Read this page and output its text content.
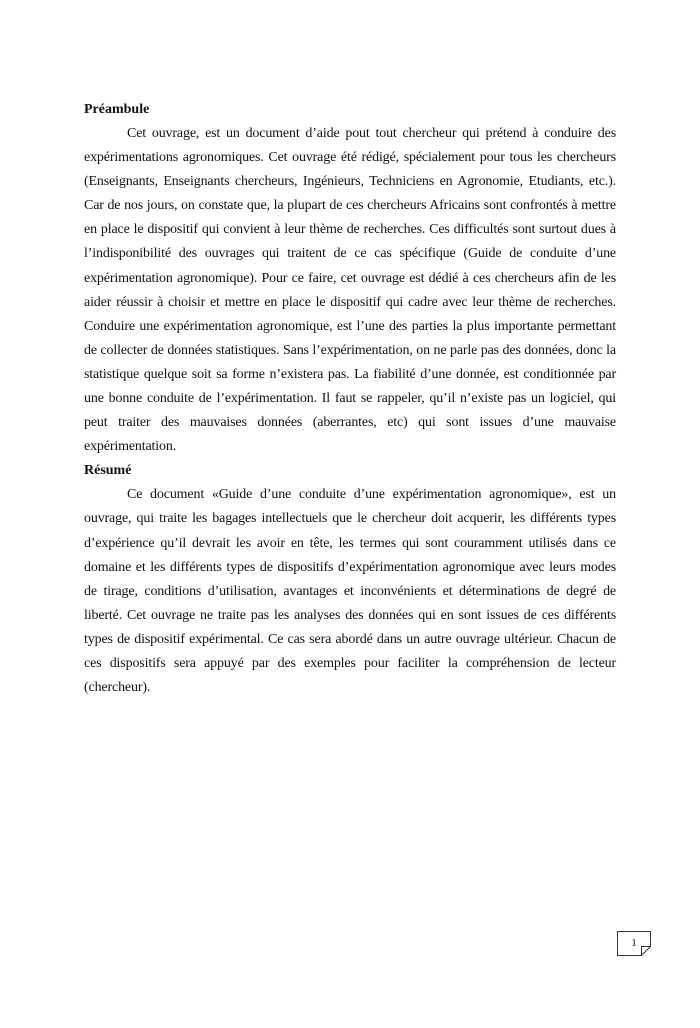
Préambule

Cet ouvrage, est un document d’aide pout tout chercheur qui prétend à conduire des expérimentations agronomiques. Cet ouvrage été rédigé, spécialement pour tous les chercheurs (Enseignants, Enseignants chercheurs, Ingénieurs, Techniciens en Agronomie, Etudiants, etc.). Car de nos jours, on constate que, la plupart de ces chercheurs Africains sont confrontés à mettre en place le dispositif qui convient à leur thème de recherches. Ces difficultés sont surtout dues à l’indisponibilité des ouvrages qui traitent de ce cas spécifique (Guide de conduite d’une expérimentation agronomique). Pour ce faire, cet ouvrage est dédié à ces chercheurs afin de les aider réussir à choisir et mettre en place le dispositif qui cadre avec leur thème de recherches. Conduire une expérimentation agronomique, est l’une des parties la plus importante permettant de collecter de données statistiques. Sans l’expérimentation, on ne parle pas des données, donc la statistique quelque soit sa forme n’existera pas. La fiabilité d’une donnée, est conditionnée par une bonne conduite de l’expérimentation. Il faut se rappeler, qu’il n’existe pas un logiciel, qui peut traiter des mauvaises données (aberrantes, etc) qui sont issues d’une mauvaise expérimentation.

Résumé

Ce document «Guide d’une conduite d’une expérimentation agronomique», est un ouvrage, qui traite les bagages intellectuels que le chercheur doit acquerir, les différents types d’expérience qu’il devrait les avoir en tête, les termes qui sont couramment utilisés dans ce domaine et les différents types de dispositifs d’expérimentation agronomique avec leurs modes de tirage, conditions d’utilisation, avantages et inconvénients et déterminations de degré de liberté. Cet ouvrage ne traite pas les analyses des données qui en sont issues de ces différents types de dispositif expérimental. Ce cas sera abordé dans un autre ouvrage ultérieur. Chacun de ces dispositifs sera appuyé par des exemples pour faciliter la compréhension de lecteur (chercheur).

1
